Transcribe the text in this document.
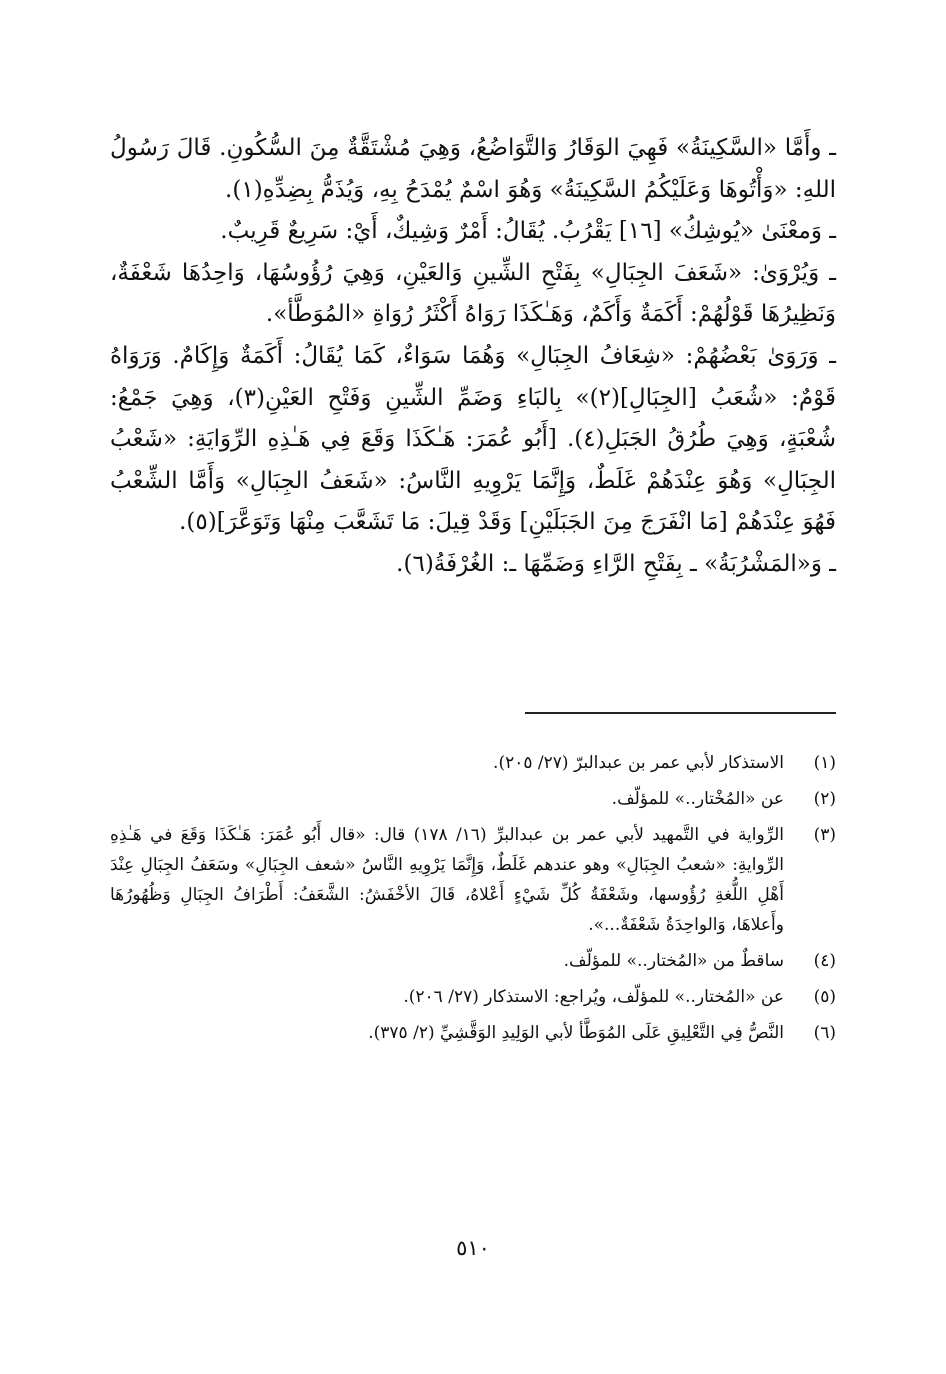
ـ وأَمَّا «السَّكِينَةُ» فَهِيَ الوَقَارُ وَالتَّوَاضُعُ، وَهِيَ مُشْتَقَّةٌ مِنَ السُّكُونِ. قَالَ رَسُولُ اللهِ: «وَأْتُوهَا وَعَلَيْكُمُ السَّكِينَةُ» وَهُوَ اسْمٌ يُمْدَحُ بِهِ، وَيُذَمُّ بِضِدِّهِ(١).

ـ وَمعْنَىٰ «يُوشِكُ» [١٦] يَقْرُبُ. يُقَالُ: أَمْرٌ وَشِيكٌ، أَيْ: سَرِيعٌ قَرِيبٌ.

ـ وَيُرْوَىٰ: «شَعَفَ الجِبَالِ» بِفَتْحِ الشِّينِ وَالعَيْنِ، وَهِيَ رُؤُوسُهَا، وَاحِدُهَا شَعْفَةٌ، وَنَظِيرُهَا قَوْلُهُمْ: أَكَمَةٌ وَأَكَمٌ، وَهَـٰكَذَا رَوَاهُ أَكْثَرُ رُوَاةِ «المُوَطَّأ».

ـ وَرَوَىٰ بَعْضُهُمْ: «شِعَافُ الجِبَالِ» وَهُمَا سَوَاءٌ، كَمَا يُقَالُ: أَكَمَةٌ وَإِكَامٌ. وَرَوَاهُ قَوْمٌ: «شُعَبُ [الجِبَالِ](٢)» بِالبَاءِ وَضَمِّ الشِّينِ وَفَتْحِ العَيْنِ(٣)، وَهِيَ جَمْعُ: شُعْبَةٍ، وَهِيَ طُرُقُ الجَبَلِ(٤). [أَبُو عُمَرَ: هَـٰكَذَا وَقَعَ فِي هَـٰذِهِ الرِّوَايَةِ: «شَعْبُ الجِبَالِ» وَهُوَ عِنْدَهُمْ غَلَطٌ، وَإِنَّمَا يَرْوِيهِ النَّاسُ: «شَعَفُ الجِبَالِ» وَأَمَّا الشِّعْبُ فَهُوَ عِنْدَهُمْ [مَا انْفَرَجَ مِنَ الجَبَلَيْنِ] وَقَدْ قِيلَ: مَا تَشَعَّبَ مِنْهَا وَتَوَعَّرَ](٥).

ـ وَ«المَشْرُبَةُ» ـ بِفَتْحِ الرَّاءِ وَضَمِّهَا ـ: الغُرْفَةُ(٦).

(١)
الاستذكار لأبي عمر بن عبدالبرّ (٢٧/ ٢٠٥).
(٢)
عن «المُخْتار..» للمؤلّف.
(٣)
الرِّواية في التَّمهيد لأبي عمر بن عبدالبرِّ (١٦/ ١٧٨) قال: «قال أَبُو عُمَرَ: هَـٰكَذَا وَقَعَ في هَـٰذِهِ الرِّوايةِ: «شعبُ الجِبَالِ» وهو عندهم غَلَطٌ، وَإِنَّمَا يَرْوِيهِ النَّاسُ «شعف الجِبَالِ» وسَعَفُ الجِبَالِ عِنْدَ أَهْلِ اللُّغةِ رُؤُوسها، وشَعْفَةُ كُلِّ شَيْءٍ أَعْلاهُ، قَالَ الأخْفَشُ: الشَّعَفُ: أَطْرَافُ الجِبَالِ وَظُهُورُهَا وأَعلاهَا، وَالواحِدَةُ شَعْفَةٌ...».
(٤)
ساقطٌ من «المُختار..» للمؤلّف.
(٥)
عن «المُختار..» للمؤلّف، ويُراجع: الاستذكار (٢٧/ ٢٠٦).
(٦)
النَّصُّ فِي التَّعْلِيقِ عَلَى المُوَطَّأ لأبي الوَلِيدِ الوَقَّشِيِّ (٢/ ٣٧٥).
٥١٠
